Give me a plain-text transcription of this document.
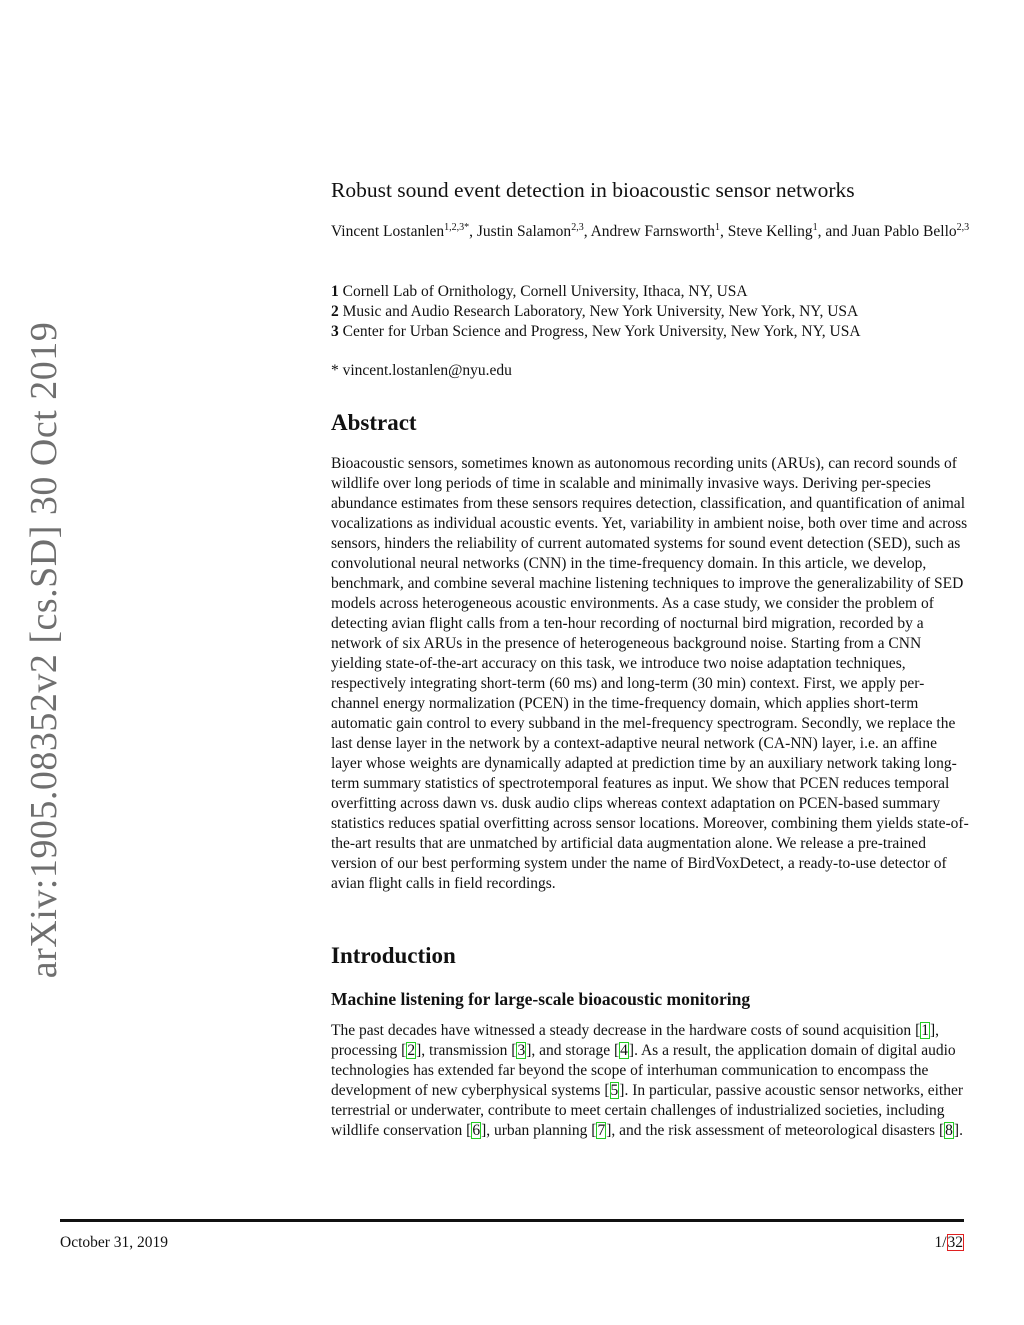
arXiv:1905.08352v2 [cs.SD] 30 Oct 2019
Robust sound event detection in bioacoustic sensor networks
Vincent Lostanlen$^{1,2,3*}$, Justin Salamon$^{2,3}$, Andrew Farnsworth$^1$, Steve Kelling$^1$, and Juan Pablo Bello$^{2,3}$
1 Cornell Lab of Ornithology, Cornell University, Ithaca, NY, USA
2 Music and Audio Research Laboratory, New York University, New York, NY, USA
3 Center for Urban Science and Progress, New York University, New York, NY, USA
* vincent.lostanlen@nyu.edu
Abstract
Bioacoustic sensors, sometimes known as autonomous recording units (ARUs), can record sounds of wildlife over long periods of time in scalable and minimally invasive ways. Deriving per-species abundance estimates from these sensors requires detection, classification, and quantification of animal vocalizations as individual acoustic events. Yet, variability in ambient noise, both over time and across sensors, hinders the reliability of current automated systems for sound event detection (SED), such as convolutional neural networks (CNN) in the time-frequency domain. In this article, we develop, benchmark, and combine several machine listening techniques to improve the generalizability of SED models across heterogeneous acoustic environments. As a case study, we consider the problem of detecting avian flight calls from a ten-hour recording of nocturnal bird migration, recorded by a network of six ARUs in the presence of heterogeneous background noise. Starting from a CNN yielding state-of-the-art accuracy on this task, we introduce two noise adaptation techniques, respectively integrating short-term (60 ms) and long-term (30 min) context. First, we apply per-channel energy normalization (PCEN) in the time-frequency domain, which applies short-term automatic gain control to every subband in the mel-frequency spectrogram. Secondly, we replace the last dense layer in the network by a context-adaptive neural network (CA-NN) layer, i.e. an affine layer whose weights are dynamically adapted at prediction time by an auxiliary network taking long-term summary statistics of spectrotemporal features as input. We show that PCEN reduces temporal overfitting across dawn vs. dusk audio clips whereas context adaptation on PCEN-based summary statistics reduces spatial overfitting across sensor locations. Moreover, combining them yields state-of-the-art results that are unmatched by artificial data augmentation alone. We release a pre-trained version of our best performing system under the name of BirdVoxDetect, a ready-to-use detector of avian flight calls in field recordings.
Introduction
Machine listening for large-scale bioacoustic monitoring
The past decades have witnessed a steady decrease in the hardware costs of sound acquisition [1], processing [2], transmission [3], and storage [4]. As a result, the application domain of digital audio technologies has extended far beyond the scope of interhuman communication to encompass the development of new cyberphysical systems [5]. In particular, passive acoustic sensor networks, either terrestrial or underwater, contribute to meet certain challenges of industrialized societies, including wildlife conservation [6], urban planning [7], and the risk assessment of meteorological disasters [8].
October 31, 2019	1/32
